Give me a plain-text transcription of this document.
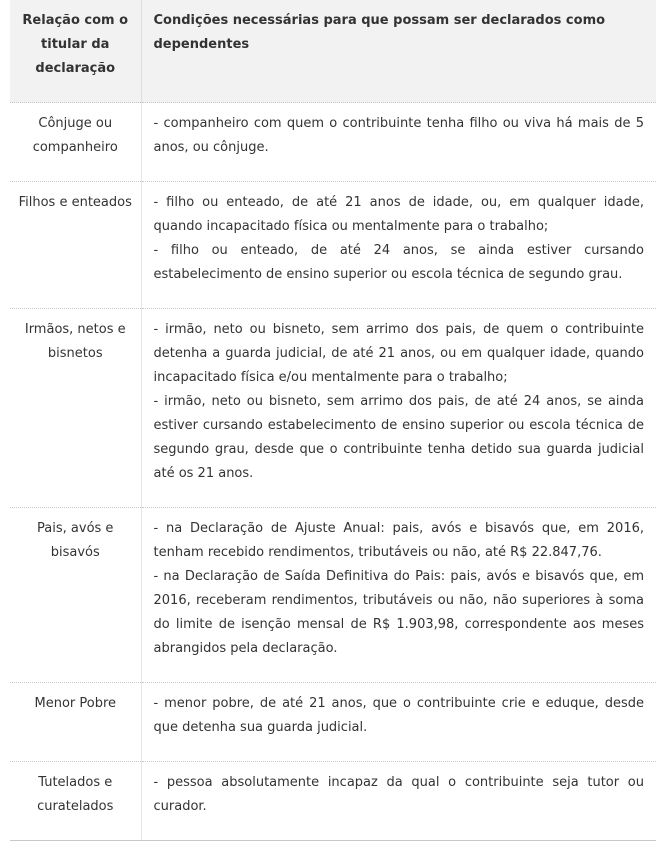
Relação com o titular da declaração	Condições necessárias para que possam ser declarados como dependentes
Cônjuge ou companheiro	- companheiro com quem o contribuinte tenha filho ou viva há mais de 5 anos, ou cônjuge.

Filhos e enteados	- filho ou enteado, de até 21 anos de idade, ou, em qualquer idade, quando incapacitado física ou mentalmente para o trabalho;

- filho ou enteado, de até 24 anos, se ainda estiver cursando estabelecimento de ensino superior ou escola técnica de segundo grau.

Irmãos, netos e bisnetos	- irmão, neto ou bisneto, sem arrimo dos pais, de quem o contribuinte detenha a guarda judicial, de até 21 anos, ou em qualquer idade, quando incapacitado física e/ou mentalmente para o trabalho;

- irmão, neto ou bisneto, sem arrimo dos pais, de até 24 anos, se ainda estiver cursando estabelecimento de ensino superior ou escola técnica de segundo grau, desde que o contribuinte tenha detido sua guarda judicial até os 21 anos.

Pais, avós e bisavós	- na Declaração de Ajuste Anual: pais, avós e bisavós que, em 2016, tenham recebido rendimentos, tributáveis ou não, até R$ 22.847,76.

- na Declaração de Saída Definitiva do Pais: pais, avós e bisavós que, em 2016, receberam rendimentos, tributáveis ou não, não superiores à soma do limite de isenção mensal de R$ 1.903,98, correspondente aos meses abrangidos pela declaração.

Menor Pobre	- menor pobre, de até 21 anos, que o contribuinte crie e eduque, desde que detenha sua guarda judicial.

Tutelados e curatelados	- pessoa absolutamente incapaz da qual o contribuinte seja tutor ou curador.
